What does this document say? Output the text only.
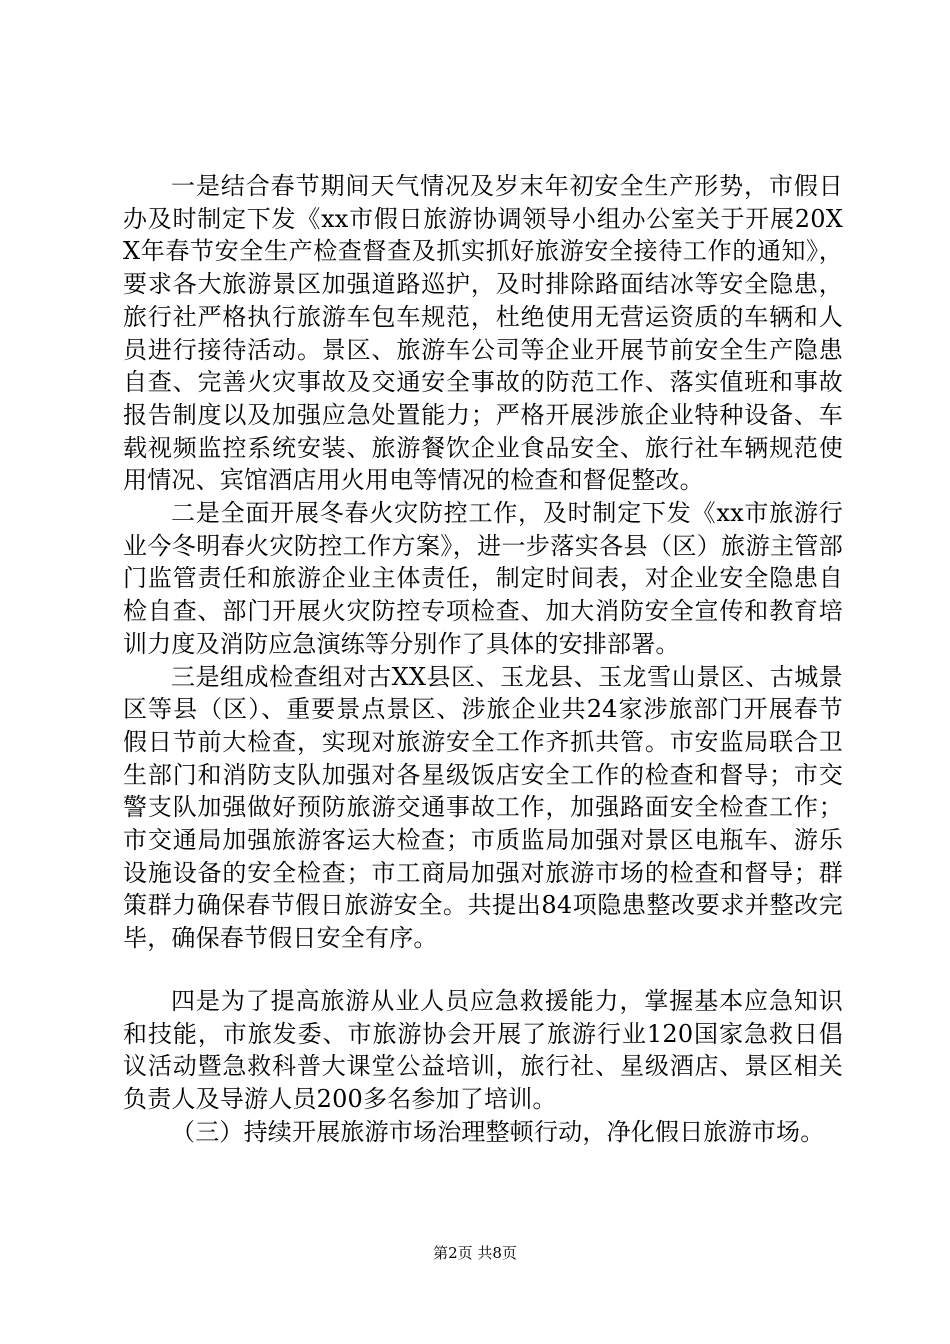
一是结合春节期间天气情况及岁末年初安全生产形势，市假日办及时制定下发《xx市假日旅游协调领导小组办公室关于开展20XX年春节安全生产检查督查及抓实抓好旅游安全接待工作的通知》，要求各大旅游景区加强道路巡护，及时排除路面结冰等安全隐患，旅行社严格执行旅游车包车规范，杜绝使用无营运资质的车辆和人员进行接待活动。景区、旅游车公司等企业开展节前安全生产隐患自查、完善火灾事故及交通安全事故的防范工作、落实值班和事故报告制度以及加强应急处置能力；严格开展涉旅企业特种设备、车载视频监控系统安装、旅游餐饮企业食品安全、旅行社车辆规范使用情况、宾馆酒店用火用电等情况的检查和督促整改。

二是全面开展冬春火灾防控工作，及时制定下发《xx市旅游行业今冬明春火灾防控工作方案》，进一步落实各县（区）旅游主管部门监管责任和旅游企业主体责任，制定时间表，对企业安全隐患自检自查、部门开展火灾防控专项检查、加大消防安全宣传和教育培训力度及消防应急演练等分别作了具体的安排部署。

三是组成检查组对古XX县区、玉龙县、玉龙雪山景区、古城景区等县（区）、重要景点景区、涉旅企业共24家涉旅部门开展春节假日节前大检查，实现对旅游安全工作齐抓共管。市安监局联合卫生部门和消防支队加强对各星级饭店安全工作的检查和督导；市交警支队加强做好预防旅游交通事故工作，加强路面安全检查工作；市交通局加强旅游客运大检查；市质监局加强对景区电瓶车、游乐设施设备的安全检查；市工商局加强对旅游市场的检查和督导；群策群力确保春节假日旅游安全。共提出84项隐患整改要求并整改完毕，确保春节假日安全有序。

四是为了提高旅游从业人员应急救援能力，掌握基本应急知识和技能，市旅发委、市旅游协会开展了旅游行业120国家急救日倡议活动暨急救科普大课堂公益培训，旅行社、星级酒店、景区相关负责人及导游人员200多名参加了培训。

（三）持续开展旅游市场治理整顿行动，净化假日旅游市场。

第2页 共8页
